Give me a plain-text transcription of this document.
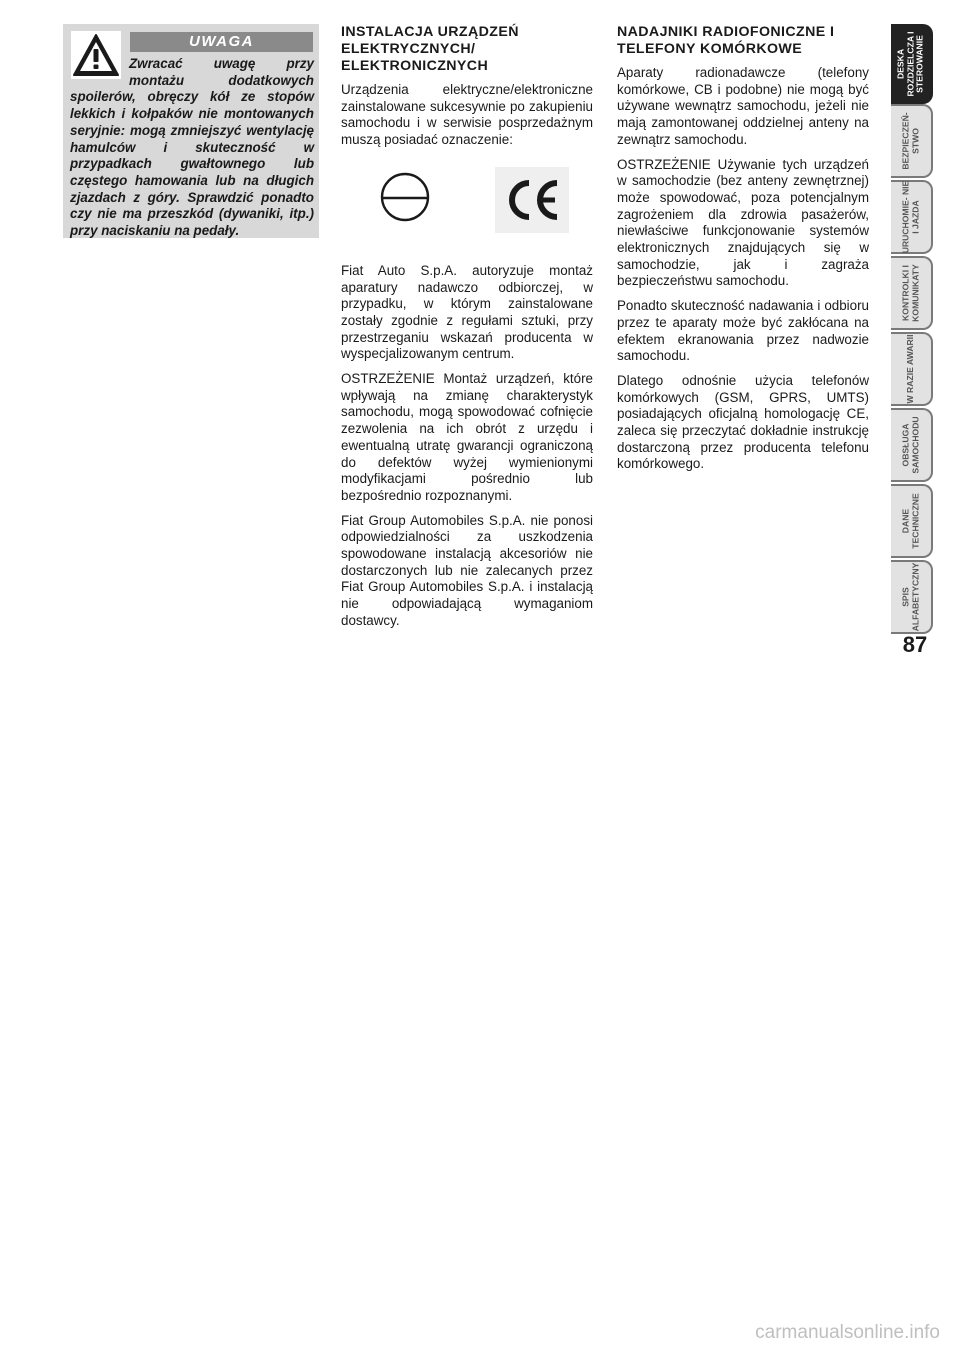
UWAGA

Zwracać uwagę przy montażu dodatkowych spoilerów, obręczy kół ze stopów lekkich i kołpaków nie montowanych seryjnie: mogą zmniejszyć wentylację hamulców i skuteczność w przypadkach gwałtownego lub częstego hamowania lub na długich zjazdach z góry. Sprawdzić ponadto czy nie ma przeszkód (dywaniki, itp.) przy naciskaniu na pedały.

INSTALACJA URZĄDZEŃ ELEKTRYCZNYCH/ ELEKTRONICZNYCH

Urządzenia elektryczne/elektroniczne zainstalowane sukcesywnie po zakupieniu samochodu i w serwisie posprzedażnym muszą posiadać oznaczenie:

Fiat Auto S.p.A. autoryzuje montaż aparatury nadawczo odbiorczej, w przypadku, w którym zainstalowane zostały zgodnie z regułami sztuki, przy przestrzeganiu wskazań producenta w wyspecjalizowanym centrum.

OSTRZEŻENIE Montaż urządzeń, które wpływają na zmianę charakterystyk samochodu, mogą spowodować cofnięcie zezwolenia na ich obrót z urzędu i ewentualną utratę gwarancji ograniczoną do defektów wyżej wymienionymi modyfikacjami pośrednio lub bezpośrednio rozpoznanymi.

Fiat Group Automobiles S.p.A. nie ponosi odpowiedzialności za uszkodzenia spowodowane instalacją akcesoriów nie dostarczonych lub nie zalecanych przez Fiat Group Automobiles S.p.A. i instalacją nie odpowiadającą wymaganiom dostawcy.

NADAJNIKI RADIOFONICZNE I TELEFONY KOMÓRKOWE

Aparaty radionadawcze (telefony komórkowe, CB i podobne) nie mogą być używane wewnątrz samochodu, jeżeli nie mają zamontowanej oddzielnej anteny na zewnątrz samochodu.

OSTRZEŻENIE Używanie tych urządzeń w samochodzie (bez anteny zewnętrznej) może spowodować, poza potencjalnym zagrożeniem dla zdrowia pasażerów, niewłaściwe funkcjonowanie systemów elektronicznych znajdujących się w samochodzie, jak i zagraża bezpieczeństwu samochodu.

Ponadto skuteczność nadawania i odbioru przez te aparaty może być zakłócana na efektem ekranowania przez nadwozie samochodu.

Dlatego odnośnie użycia telefonów komórkowych (GSM, GPRS, UMTS) posiadających oficjalną homologację CE, zalecа się przeczytać dokładnie instrukcję dostarczoną przez producenta telefonu komórkowego.

DESKA ROZDZIELCZA I STEROWANIE
BEZPIECZEŃ- STWO
URUCHOMIE- NIE I JAZDA
KONTROLKI I KOMUNIKATY
W RAZIE AWARII
OBSŁUGA SAMOCHODU
DANE TECHNICZNE
SPIS ALFABETYCZNY
87
carmanualsonline.info
